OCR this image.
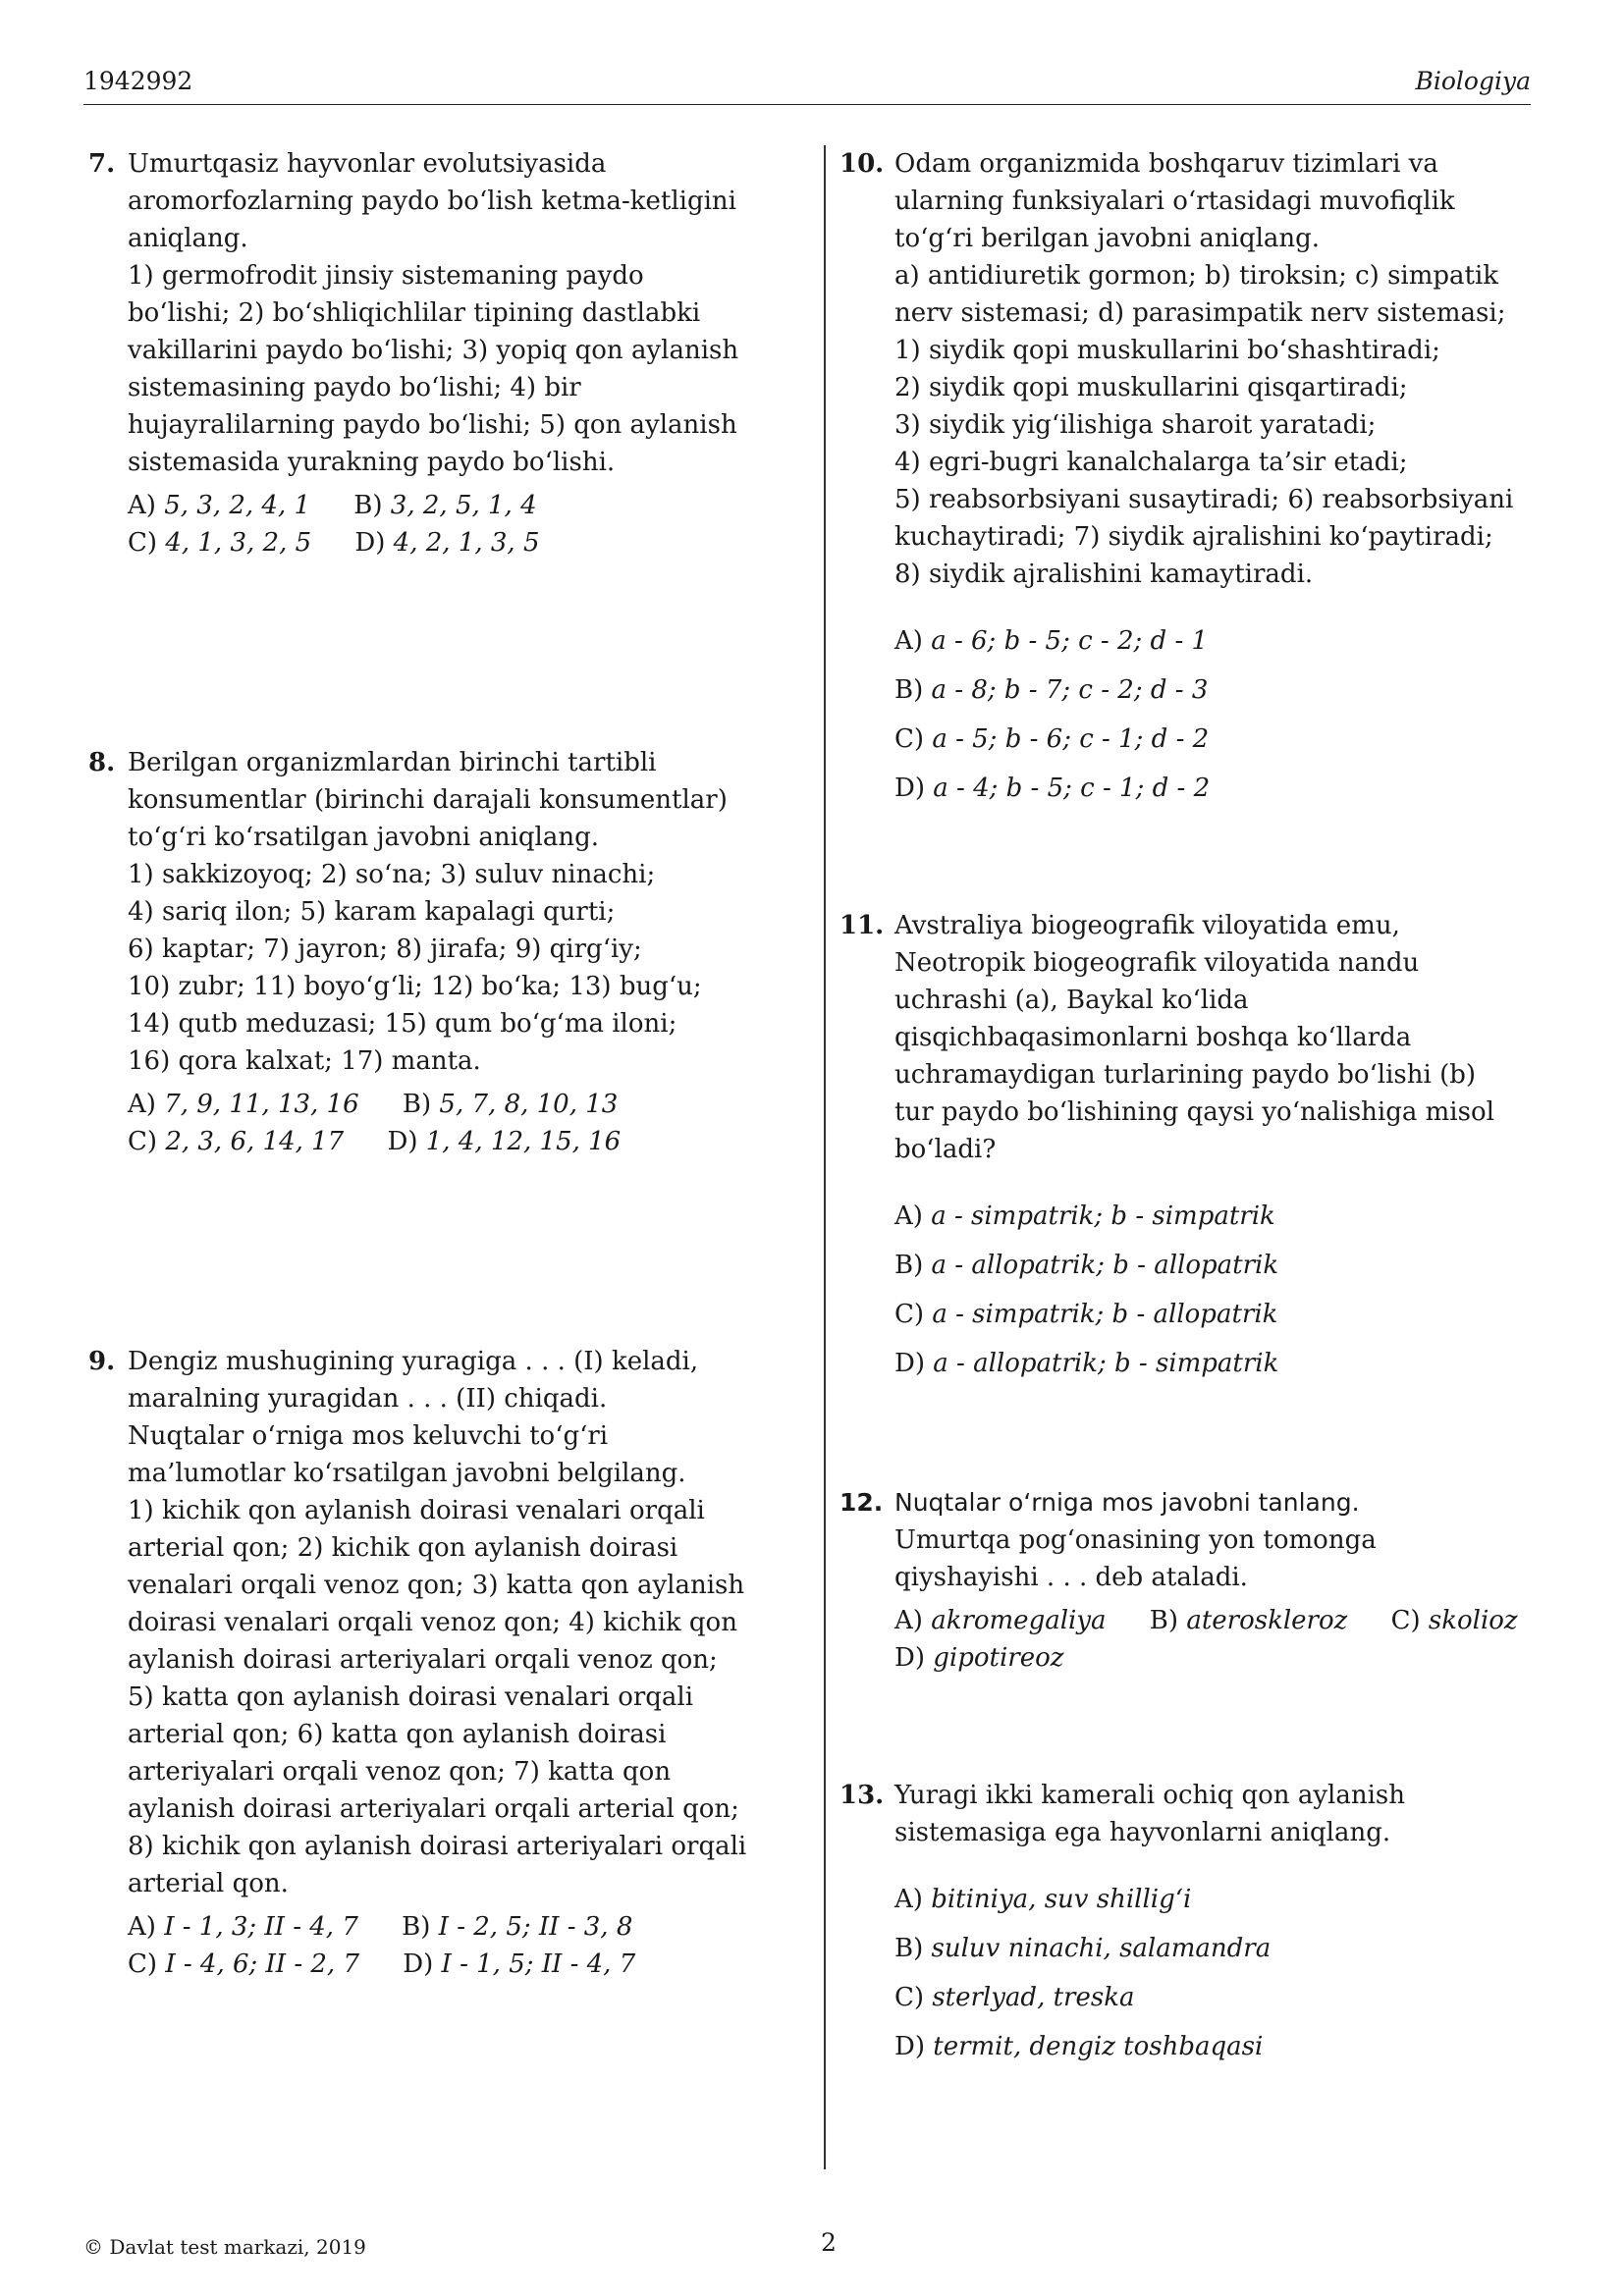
1942992	Biologiya
7. Umurtqasiz hayvonlar evolutsiyasida
aromorfozlarning paydo bo‘lish ketma-ketligini
aniqlang.
1) germofrodit jinsiy sistemaning paydo
bo‘lishi; 2) bo‘shliqichlilar tipining dastlabki
vakillarini paydo bo‘lishi; 3) yopiq qon aylanish
sistemasining paydo bo‘lishi; 4) bir
hujayralilarning paydo bo‘lishi; 5) qon aylanish
sistemasida yurakning paydo bo‘lishi.
A) 5, 3, 2, 4, 1 B) 3, 2, 5, 1, 4
C) 4, 1, 3, 2, 5 D) 4, 2, 1, 3, 5
8. Berilgan organizmlardan birinchi tartibli
konsumentlar (birinchi darajali konsumentlar)
to‘g‘ri ko‘rsatilgan javobni aniqlang.
1) sakkizoyoq; 2) so‘na; 3) suluv ninachi;
4) sariq ilon; 5) karam kapalagi qurti;
6) kaptar; 7) jayron; 8) jirafa; 9) qirg‘iy;
10) zubr; 11) boyo‘g‘li; 12) bo‘ka; 13) bug‘u;
14) qutb meduzasi; 15) qum bo‘g‘ma iloni;
16) qora kalxat; 17) manta.
A) 7, 9, 11, 13, 16 B) 5, 7, 8, 10, 13
C) 2, 3, 6, 14, 17 D) 1, 4, 12, 15, 16
9. Dengiz mushugining yuragiga . . . (I) keladi,
maralning yuragidan . . . (II) chiqadi.
Nuqtalar o‘rniga mos keluvchi to‘g‘ri
ma’lumotlar ko‘rsatilgan javobni belgilang.
1) kichik qon aylanish doirasi venalari orqali
arterial qon; 2) kichik qon aylanish doirasi
venalari orqali venoz qon; 3) katta qon aylanish
doirasi venalari orqali venoz qon; 4) kichik qon
aylanish doirasi arteriyalari orqali venoz qon;
5) katta qon aylanish doirasi venalari orqali
arterial qon; 6) katta qon aylanish doirasi
arteriyalari orqali venoz qon; 7) katta qon
aylanish doirasi arteriyalari orqali arterial qon;
8) kichik qon aylanish doirasi arteriyalari orqali
arterial qon.
A) I - 1, 3; II - 4, 7 B) I - 2, 5; II - 3, 8
C) I - 4, 6; II - 2, 7 D) I - 1, 5; II - 4, 7
10. Odam organizmida boshqaruv tizimlari va
ularning funksiyalari o‘rtasidagi muvofiqlik
to‘g‘ri berilgan javobni aniqlang.
a) antidiuretik gormon; b) tiroksin; c) simpatik
nerv sistemasi; d) parasimpatik nerv sistemasi;
1) siydik qopi muskullarini bo‘shashtiradi;
2) siydik qopi muskullarini qisqartiradi;
3) siydik yig‘ilishiga sharoit yaratadi;
4) egri-bugri kanalchalarga ta’sir etadi;
5) reabsorbsiyani susaytiradi; 6) reabsorbsiyani
kuchaytiradi; 7) siydik ajralishini ko‘paytiradi;
8) siydik ajralishini kamaytiradi.
A) a - 6; b - 5; c - 2; d - 1
B) a - 8; b - 7; c - 2; d - 3
C) a - 5; b - 6; c - 1; d - 2
D) a - 4; b - 5; c - 1; d - 2
11. Avstraliya biogeografik viloyatida emu,
Neotropik biogeografik viloyatida nandu
uchrashi (a), Baykal ko‘lida
qisqichbaqasimonlarni boshqa ko‘llarda
uchramaydigan turlarining paydo bo‘lishi (b)
tur paydo bo‘lishining qaysi yo‘nalishiga misol
bo‘ladi?
A) a - simpatrik; b - simpatrik
B) a - allopatrik; b - allopatrik
C) a - simpatrik; b - allopatrik
D) a - allopatrik; b - simpatrik
12. Nuqtalar o‘rniga mos javobni tanlang.
Umurtqa pog‘onasining yon tomonga
qiyshayishi . . . deb ataladi.
A) akromegaliya B) ateroskleroz C) skolioz
D) gipotireoz
13. Yuragi ikki kamerali ochiq qon aylanish
sistemasiga ega hayvonlarni aniqlang.
A) bitiniya, suv shillig‘i
B) suluv ninachi, salamandra
C) sterlyad, treska
D) termit, dengiz toshbaqasi
© Davlat test markazi, 2019	2
